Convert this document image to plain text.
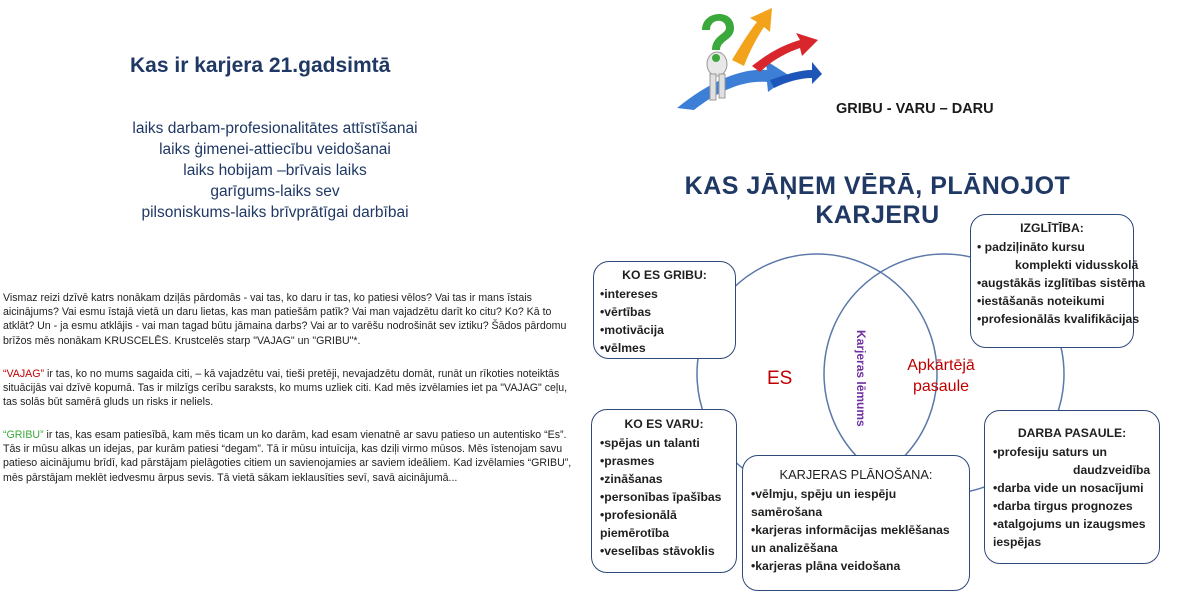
Kas ir karjera 21.gadsimtā
laiks darbam-profesionalitātes attīstīšanai
laiks ģimenei-attiecību veidošanai
laiks hobijam –brīvais laiks
garīgums-laiks sev
pilsoniskums-laiks brīvprātīgai darbībai
Vismaz reizi dzīvē katrs nonākam dziļās pārdomās - vai tas, ko daru ir tas, ko patiesi vēlos? Vai tas ir mans īstais aicinājums? Vai esmu īstajā vietā un daru lietas, kas man patiešām patīk? Vai man vajadzētu darīt ko citu? Ko? Kā to atklāt? Un - ja esmu atklājis - vai man tagad būtu jāmaina darbs? Vai ar to varēšu nodrošināt sev iztiku? Šādos pārdomu brīžos mēs nonākam KRUSCELĒS. Krustcelēs starp "VAJAG" un "GRIBU"*.
“VAJAG” ir tas, ko no mums sagaida citi, – kā vajadzētu vai, tieši pretēji, nevajadzētu domāt, runāt un rīkoties noteiktās situācijās vai dzīvē kopumā. Tas ir milzīgs cerību saraksts, ko mums uzliek citi. Kad mēs izvēlamies iet pa "VAJAG" ceļu, tas solās būt samērā gluds un risks ir neliels.
“GRIBU” ir tas, kas esam patiesībā, kam mēs ticam un ko darām, kad esam vienatnē ar savu patieso un autentisko “Es”. Tās ir mūsu alkas un idejas, par kurām patiesi “degam”. Tā ir mūsu intuīcija, kas dziļi virmo mūsos. Mēs īstenojam savu patieso aicinājumu brīdī, kad pārstājam pielāgoties citiem un savienojamies ar saviem ideāliem. Kad izvēlamies “GRIBU”, mēs pārstājam meklēt iedvesmu ārpus sevis. Tā vietā sākam ieklausīties sevī, savā aicinājumā...
GRIBU - VARU – DARU
KAS JĀŅEM VĒRĀ, PLĀNOJOT
KARJERU
ES
Apkārtējā
pasaule
Karjeras lēmums
KO ES GRIBU:
•intereses
•vērtības
•motivācija
•vēlmes
KO ES VARU:
•spējas un talanti
•prasmes
•zināšanas
•personības īpašības
•profesionālā piemērotība
•veselības stāvoklis
IZGLĪTĪBA:
• padziļināto kursu
komplekti vidusskolā
•augstākās izglītības sistēma
•iestāšanās noteikumi
•profesionālās kvalifikācijas
DARBA PASAULE:
•profesiju saturs un
daudzveidība
•darba vide un nosacījumi
•darba tirgus prognozes
•atalgojums un izaugsmes iespējas
KARJERAS PLĀNOŠANA:
•vēlmju, spēju un iespēju samērošana
•karjeras informācijas meklēšanas un analizēšana
•karjeras plāna veidošana
